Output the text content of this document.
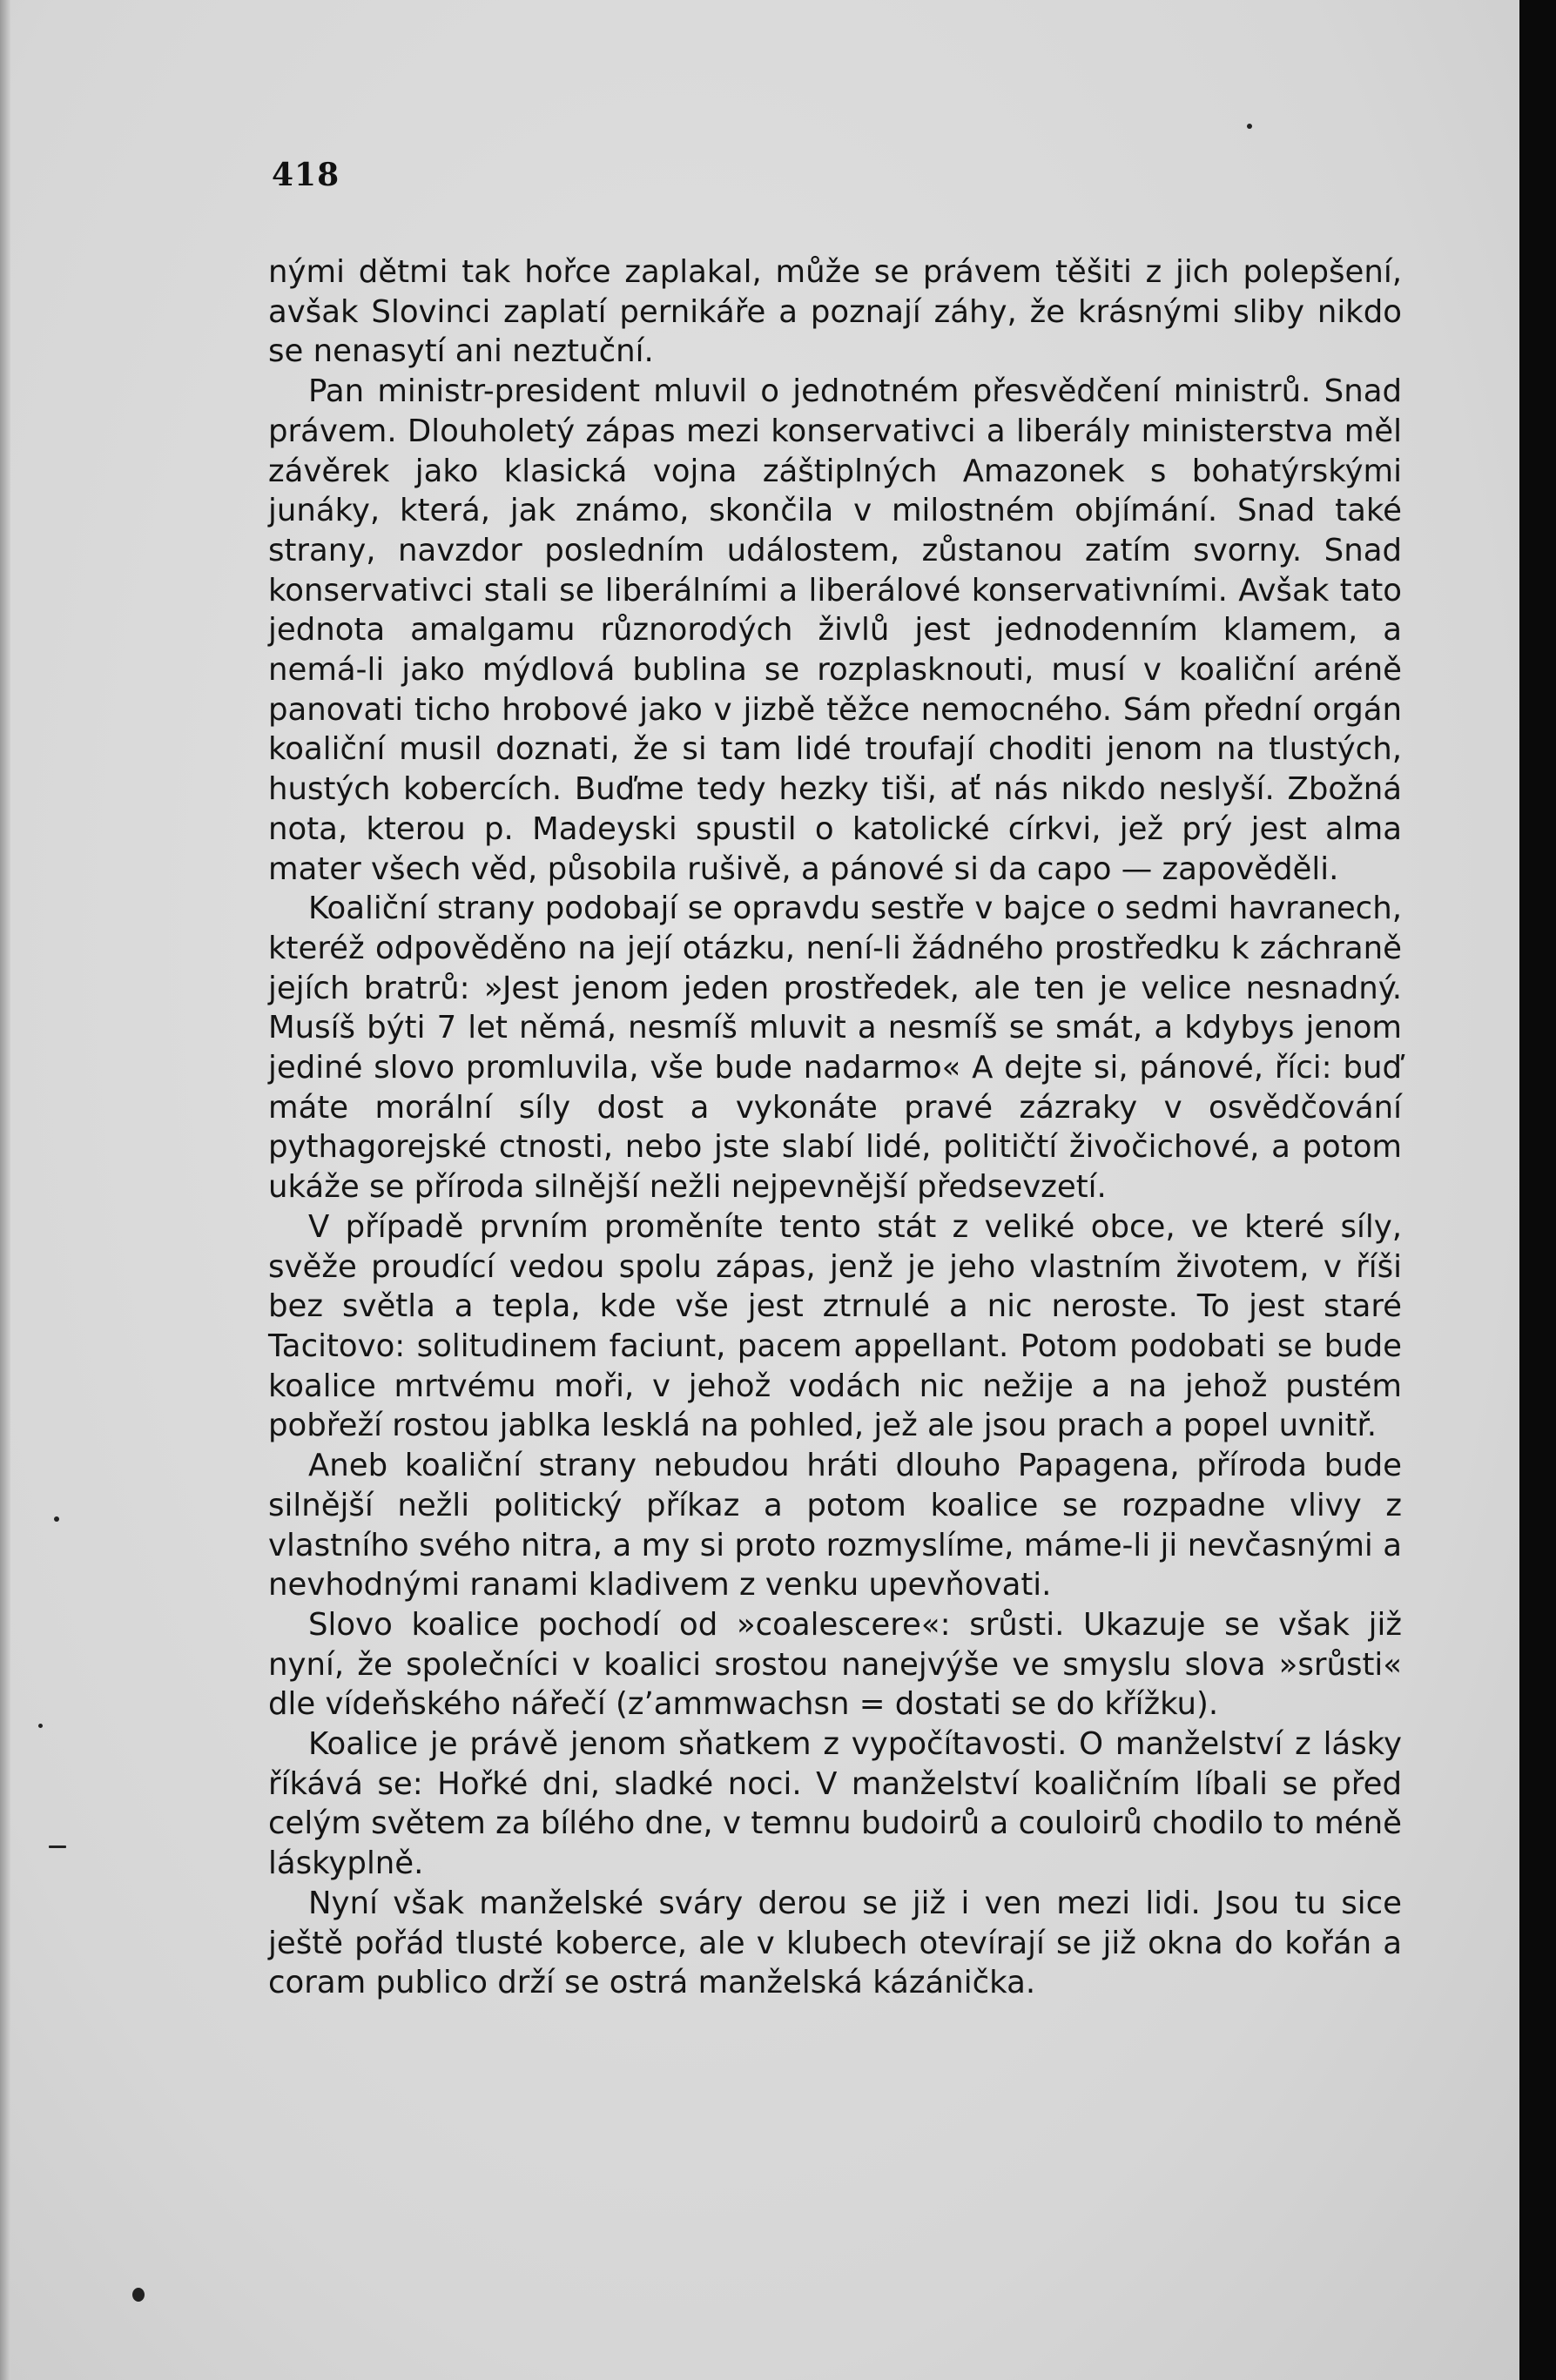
418

nými dětmi tak hořce zaplakal, může se právem těšiti z jich polepšení, avšak Slovinci zaplatí pernikáře a poznají záhy, že krásnými sliby nikdo se nenasytí ani neztuční.

Pan ministr-president mluvil o jednotném přesvědčení ministrů. Snad právem. Dlouholetý zápas mezi konservativci a liberály ministerstva měl závěrek jako klasická vojna záštiplných Amazonek s bohatýrskými junáky, která, jak známo, skončila v milostném objímání. Snad také strany, navzdor posledním událostem, zůstanou zatím svorny. Snad konservativci stali se liberálními a liberálové konservativními. Avšak tato jednota amalgamu různorodých živlů jest jednodenním klamem, a nemá-li jako mýdlová bublina se rozplasknouti, musí v koaliční aréně panovati ticho hrobové jako v jizbě těžce nemocného. Sám přední orgán koaliční musil doznati, že si tam lidé troufají choditi jenom na tlustých, hustých kobercích. Buďme tedy hezky tiši, ať nás nikdo neslyší. Zbožná nota, kterou p. Madeyski spustil o katolické církvi, jež prý jest alma mater všech věd, působila rušivě, a pánové si da capo — zapověděli.

Koaliční strany podobají se opravdu sestře v bajce o sedmi havranech, kteréž odpověděno na její otázku, není-li žádného prostředku k záchraně jejích bratrů: »Jest jenom jeden prostředek, ale ten je velice nesnadný. Musíš býti 7 let němá, nesmíš mluvit a nesmíš se smát, a kdybys jenom jediné slovo promluvila, vše bude nadarmo« A dejte si, pánové, říci: buď máte morální síly dost a vykonáte pravé zázraky v osvědčování pythagorejské ctnosti, nebo jste slabí lidé, političtí živočichové, a potom ukáže se příroda silnější nežli nejpevnější předsevzetí.

V případě prvním proměníte tento stát z veliké obce, ve které síly, svěže proudící vedou spolu zápas, jenž je jeho vlastním životem, v říši bez světla a tepla, kde vše jest ztrnulé a nic neroste. To jest staré Tacitovo: solitudinem faciunt, pacem appellant. Potom podobati se bude koalice mrtvému moři, v jehož vodách nic nežije a na jehož pustém pobřeží rostou jablka lesklá na pohled, jež ale jsou prach a popel uvnitř.

Aneb koaliční strany nebudou hráti dlouho Papagena, příroda bude silnější nežli politický příkaz a potom koalice se rozpadne vlivy z vlastního svého nitra, a my si proto rozmyslíme, máme-li ji nevčasnými a nevhodnými ranami kladivem z venku upevňovati.

Slovo koalice pochodí od »coalescere«: srůsti. Ukazuje se však již nyní, že společníci v koalici srostou nanejvýše ve smyslu slova »srůsti« dle vídeňského nářečí (z’ammwachsn = dostati se do křížku).

Koalice je právě jenom sňatkem z vypočítavosti. O manželství z lásky říkává se: Hořké dni, sladké noci. V manželství koaličním líbali se před celým světem za bílého dne, v temnu budoirů a couloirů chodilo to méně láskyplně.

Nyní však manželské sváry derou se již i ven mezi lidi. Jsou tu sice ještě pořád tlusté koberce, ale v klubech otevírají se již okna do kořán a coram publico drží se ostrá manželská kázánička.
